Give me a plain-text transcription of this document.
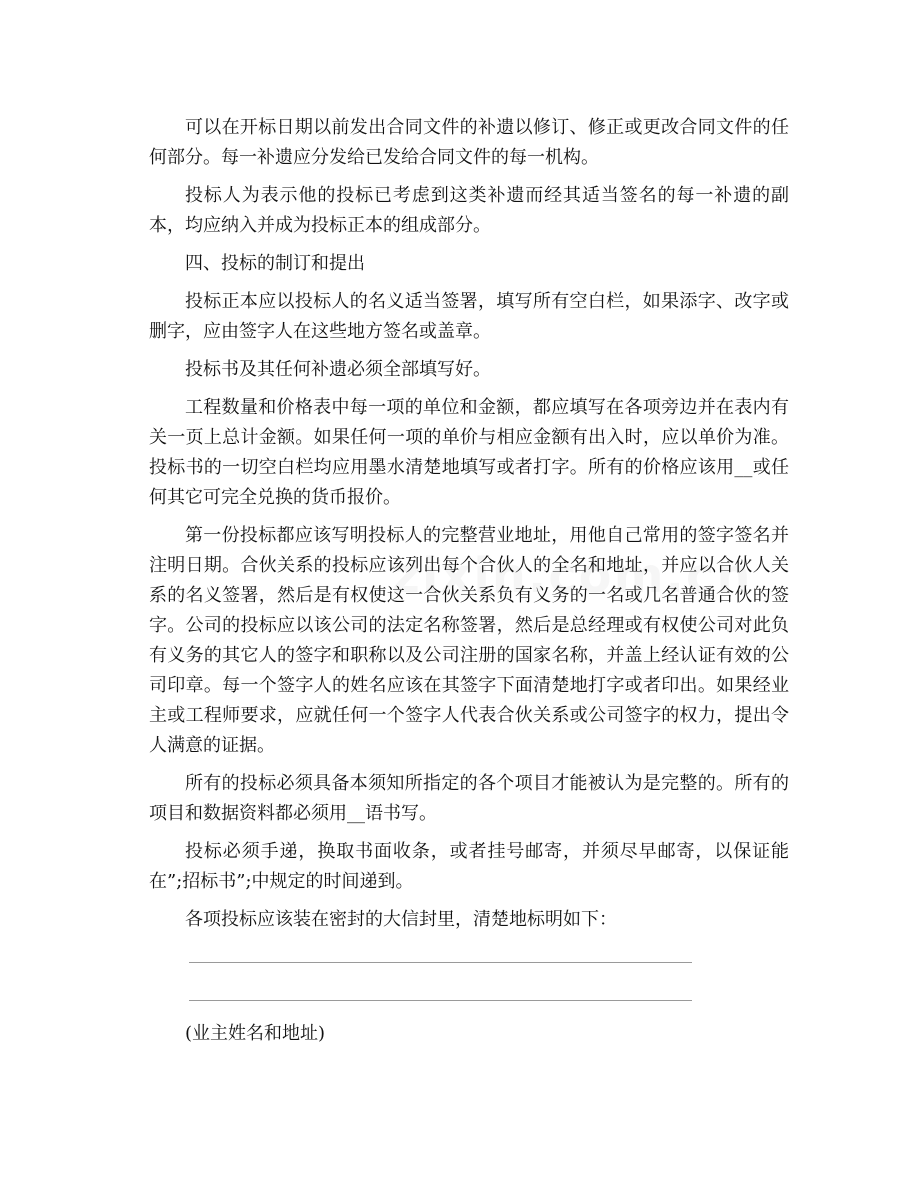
可以在开标日期以前发出合同文件的补遗以修订、修正或更改合同文件的任何部分。每一补遗应分发给已发给合同文件的每一机构。

投标人为表示他的投标已考虑到这类补遗而经其适当签名的每一补遗的副本，均应纳入并成为投标正本的组成部分。

四、投标的制订和提出

投标正本应以投标人的名义适当签署，填写所有空白栏，如果添字、改字或删字，应由签字人在这些地方签名或盖章。

投标书及其任何补遗必须全部填写好。

工程数量和价格表中每一项的单位和金额，都应填写在各项旁边并在表内有关一页上总计金额。如果任何一项的单价与相应金额有出入时，应以单价为准。投标书的一切空白栏均应用墨水清楚地填写或者打字。所有的价格应该用__或任何其它可完全兑换的货币报价。

第一份投标都应该写明投标人的完整营业地址，用他自己常用的签字签名并注明日期。合伙关系的投标应该列出每个合伙人的全名和地址，并应以合伙人关系的名义签署，然后是有权使这一合伙关系负有义务的一名或几名普通合伙的签字。公司的投标应以该公司的法定名称签署，然后是总经理或有权使公司对此负有义务的其它人的签字和职称以及公司注册的国家名称，并盖上经认证有效的公司印章。每一个签字人的姓名应该在其签字下面清楚地打字或者印出。如果经业主或工程师要求，应就任何一个签字人代表合伙关系或公司签字的权力，提出令人满意的证据。

所有的投标必须具备本须知所指定的各个项目才能被认为是完整的。所有的项目和数据资料都必须用__语书写。

投标必须手递，换取书面收条，或者挂号邮寄，并须尽早邮寄，以保证能在”;招标书”;中规定的时间递到。

各项投标应该装在密封的大信封里，清楚地标明如下：

(业主姓名和地址)
